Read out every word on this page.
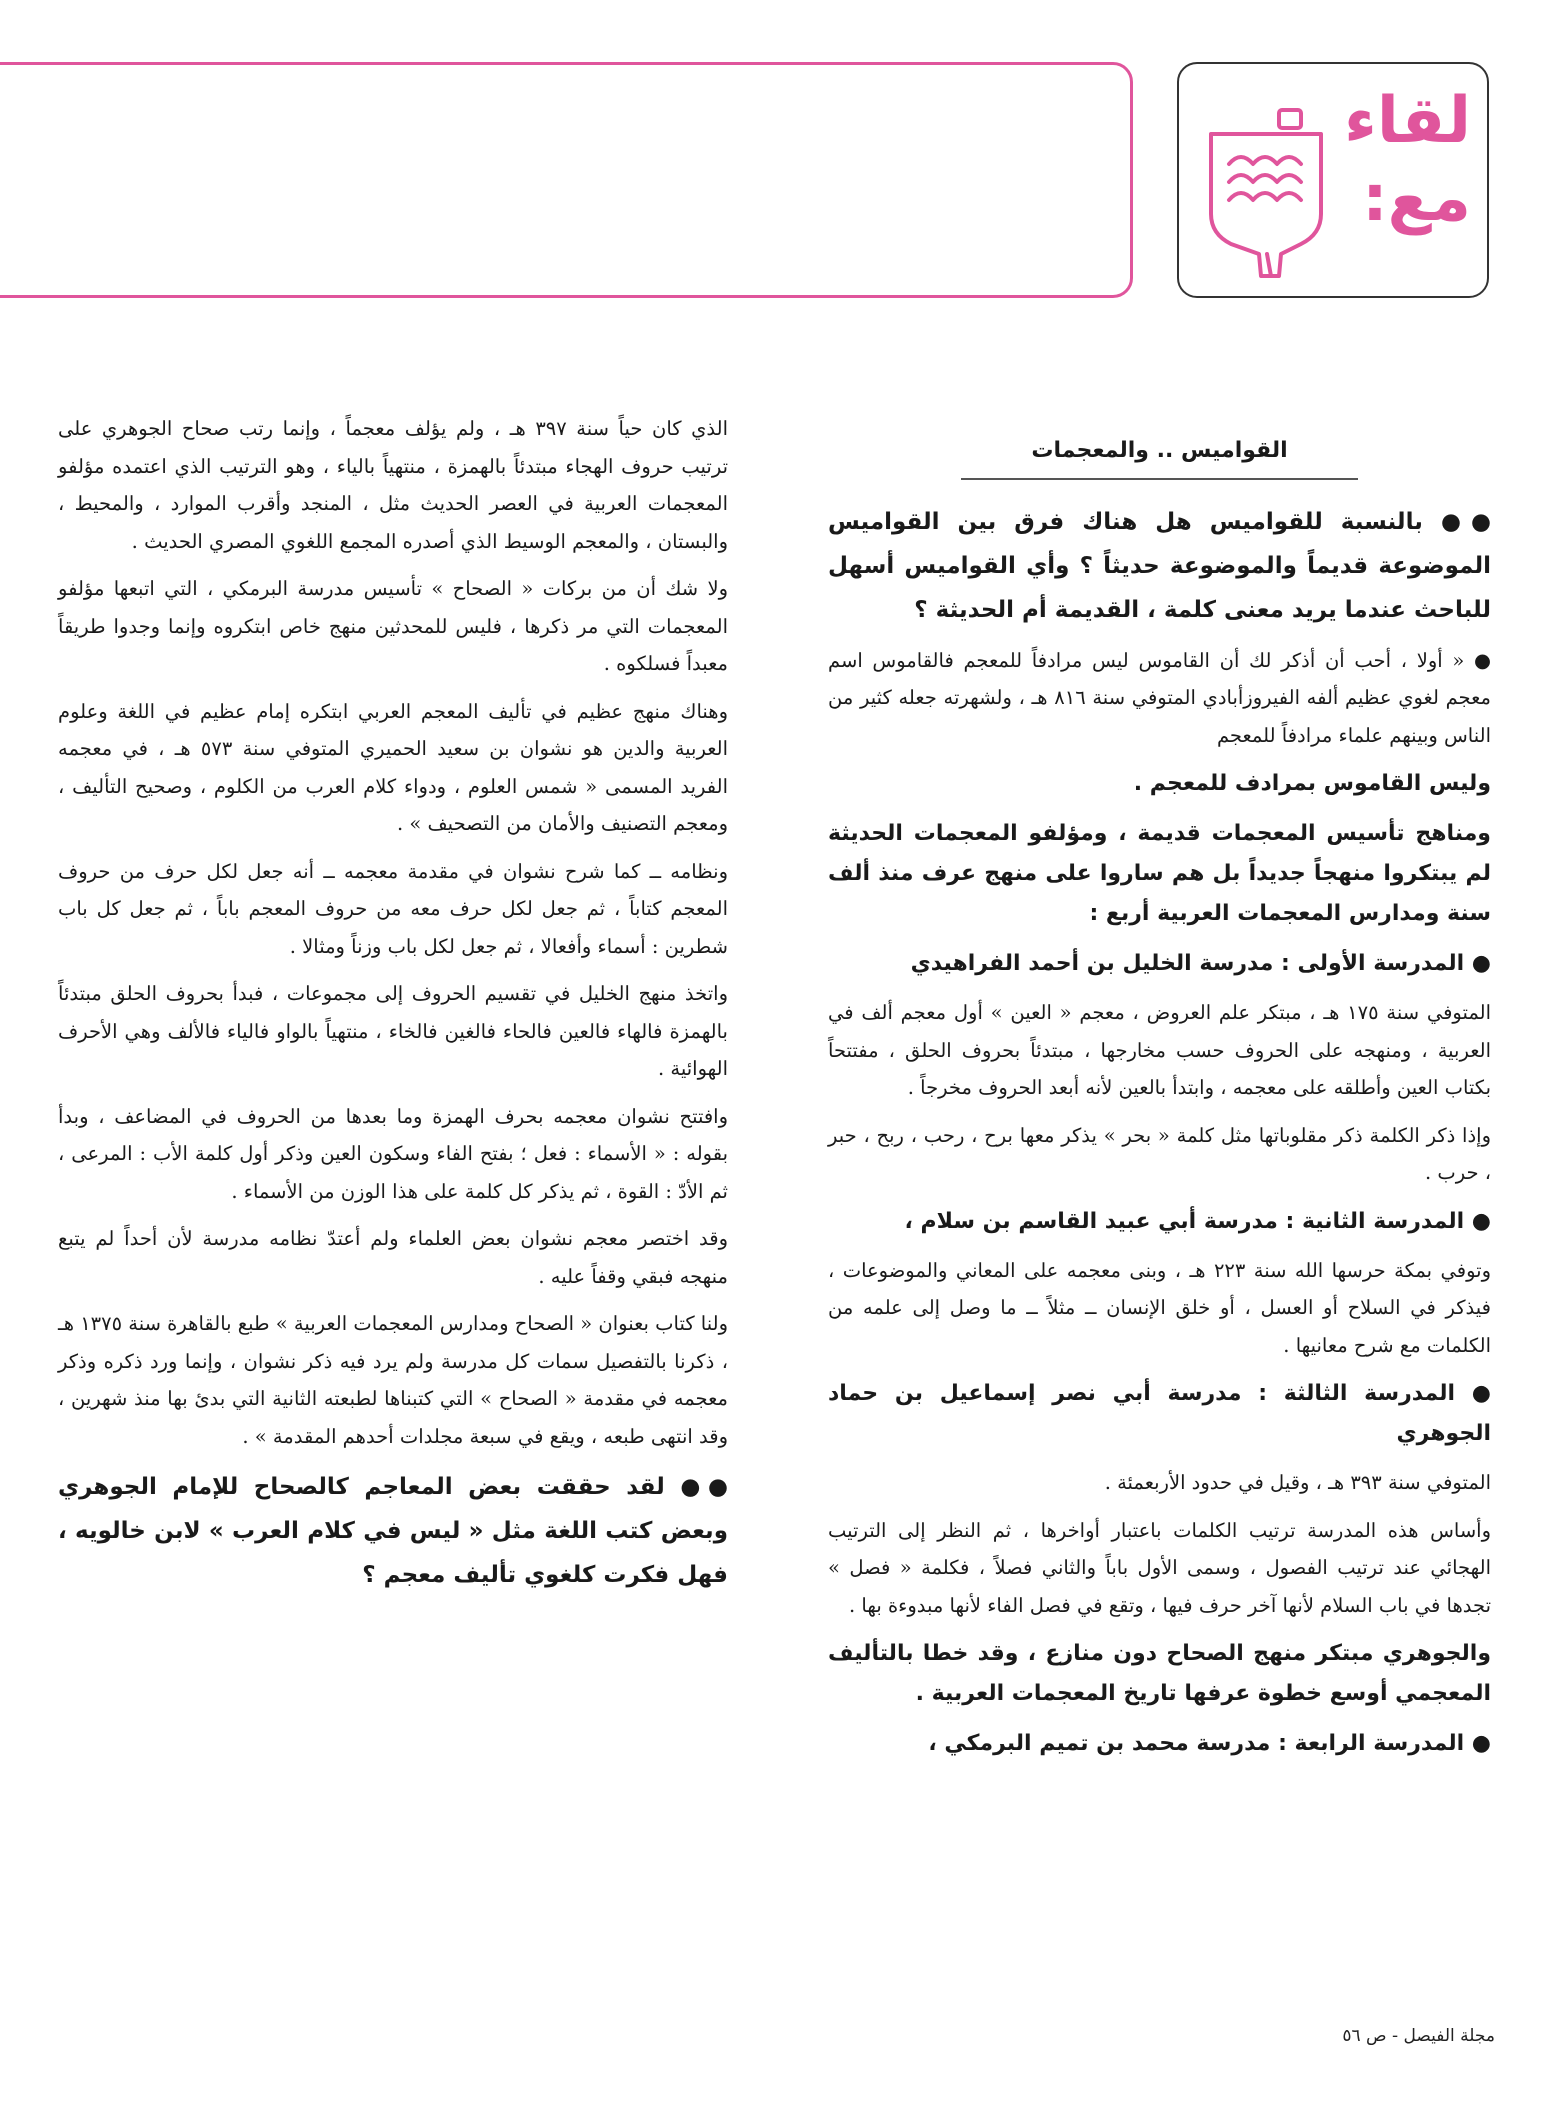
لقاء
مع:
القواميس .. والمعجمات

●● بالنسبة للقواميس هل هناك فرق بين القواميس الموضوعة قديماً والموضوعة حديثاً ؟ وأي القواميس أسهل للباحث عندما يريد معنى كلمة ، القديمة أم الحديثة ؟

● « أولا ، أحب أن أذكر لك أن القاموس ليس مرادفاً للمعجم فالقاموس اسم معجم لغوي عظيم ألفه الفيروزأبادي المتوفي سنة ٨١٦ هـ ، ولشهرته جعله كثير من الناس وبينهم علماء مرادفاً للمعجم

وليس القاموس بمرادف للمعجم .

ومناهج تأسيس المعجمات قديمة ، ومؤلفو المعجمات الحديثة لم يبتكروا منهجاً جديداً بل هم ساروا على منهج عرف منذ ألف سنة ومدارس المعجمات العربية أربع :

● المدرسة الأولى : مدرسة الخليل بن أحمد الفراهيدي

المتوفي سنة ١٧٥ هـ ، مبتكر علم العروض ، معجم « العين » أول معجم ألف في العربية ، ومنهجه على الحروف حسب مخارجها ، مبتدئاً بحروف الحلق ، مفتتحاً بكتاب العين وأطلقه على معجمه ، وابتدأ بالعين لأنه أبعد الحروف مخرجاً .

وإذا ذكر الكلمة ذكر مقلوباتها مثل كلمة « بحر » يذكر معها برح ، رحب ، ربح ، حبر ، حرب .

● المدرسة الثانية : مدرسة أبي عبيد القاسم بن سلام ،

وتوفي بمكة حرسها الله سنة ٢٢٣ هـ ، وبنى معجمه على المعاني والموضوعات ، فيذكر في السلاح أو العسل ، أو خلق الإنسان ــ مثلاً ــ ما وصل إلى علمه من الكلمات مع شرح معانيها .

● المدرسة الثالثة : مدرسة أبي نصر إسماعيل بن حماد الجوهري

المتوفي سنة ٣٩٣ هـ ، وقيل في حدود الأربعمئة .

وأساس هذه المدرسة ترتيب الكلمات باعتبار أواخرها ، ثم النظر إلى الترتيب الهجائي عند ترتيب الفصول ، وسمى الأول باباً والثاني فصلاً ، فكلمة « فصل » تجدها في باب السلام لأنها آخر حرف فيها ، وتقع في فصل الفاء لأنها مبدوءة بها .

والجوهري مبتكر منهج الصحاح دون منازع ، وقد خطا بالتأليف المعجمي أوسع خطوة عرفها تاريخ المعجمات العربية .

● المدرسة الرابعة : مدرسة محمد بن تميم البرمكي ،

الذي كان حياً سنة ٣٩٧ هـ ، ولم يؤلف معجماً ، وإنما رتب صحاح الجوهري على ترتيب حروف الهجاء مبتدئاً بالهمزة ، منتهياً بالياء ، وهو الترتيب الذي اعتمده مؤلفو المعجمات العربية في العصر الحديث مثل ، المنجد وأقرب الموارد ، والمحيط ، والبستان ، والمعجم الوسيط الذي أصدره المجمع اللغوي المصري الحديث .

ولا شك أن من بركات « الصحاح » تأسيس مدرسة البرمكي ، التي اتبعها مؤلفو المعجمات التي مر ذكرها ، فليس للمحدثين منهج خاص ابتكروه وإنما وجدوا طريقاً معبداً فسلكوه .

وهناك منهج عظيم في تأليف المعجم العربي ابتكره إمام عظيم في اللغة وعلوم العربية والدين هو نشوان بن سعيد الحميري المتوفي سنة ٥٧٣ هـ ، في معجمه الفريد المسمى « شمس العلوم ، ودواء كلام العرب من الكلوم ، وصحيح التأليف ، ومعجم التصنيف والأمان من التصحيف » .

ونظامه ــ كما شرح نشوان في مقدمة معجمه ــ أنه جعل لكل حرف من حروف المعجم كتاباً ، ثم جعل لكل حرف معه من حروف المعجم باباً ، ثم جعل كل باب شطرين : أسماء وأفعالا ، ثم جعل لكل باب وزناً ومثالا .

واتخذ منهج الخليل في تقسيم الحروف إلى مجموعات ، فبدأ بحروف الحلق مبتدئاً بالهمزة فالهاء فالعين فالحاء فالغين فالخاء ، منتهياً بالواو فالياء فالألف وهي الأحرف الهوائية .

وافتتح نشوان معجمه بحرف الهمزة وما بعدها من الحروف في المضاعف ، وبدأ بقوله : « الأسماء : فعل ؛ بفتح الفاء وسكون العين وذكر أول كلمة الأب : المرعى ، ثم الأدّ : القوة ، ثم يذكر كل كلمة على هذا الوزن من الأسماء .

وقد اختصر معجم نشوان بعض العلماء ولم أعتدّ نظامه مدرسة لأن أحداً لم يتبع منهجه فبقي وقفاً عليه .

ولنا كتاب بعنوان « الصحاح ومدارس المعجمات العربية » طبع بالقاهرة سنة ١٣٧٥ هـ ، ذكرنا بالتفصيل سمات كل مدرسة ولم يرد فيه ذكر نشوان ، وإنما ورد ذكره وذكر معجمه في مقدمة « الصحاح » التي كتبناها لطبعته الثانية التي بدئ بها منذ شهرين ، وقد انتهى طبعه ، ويقع في سبعة مجلدات أحدهم المقدمة » .

●● لقد حققت بعض المعاجم كالصحاح للإمام الجوهري وبعض كتب اللغة مثل « ليس في كلام العرب » لابن خالويه ، فهل فكرت كلغوي تأليف معجم ؟

مجلة الفيصل - ص ٥٦
